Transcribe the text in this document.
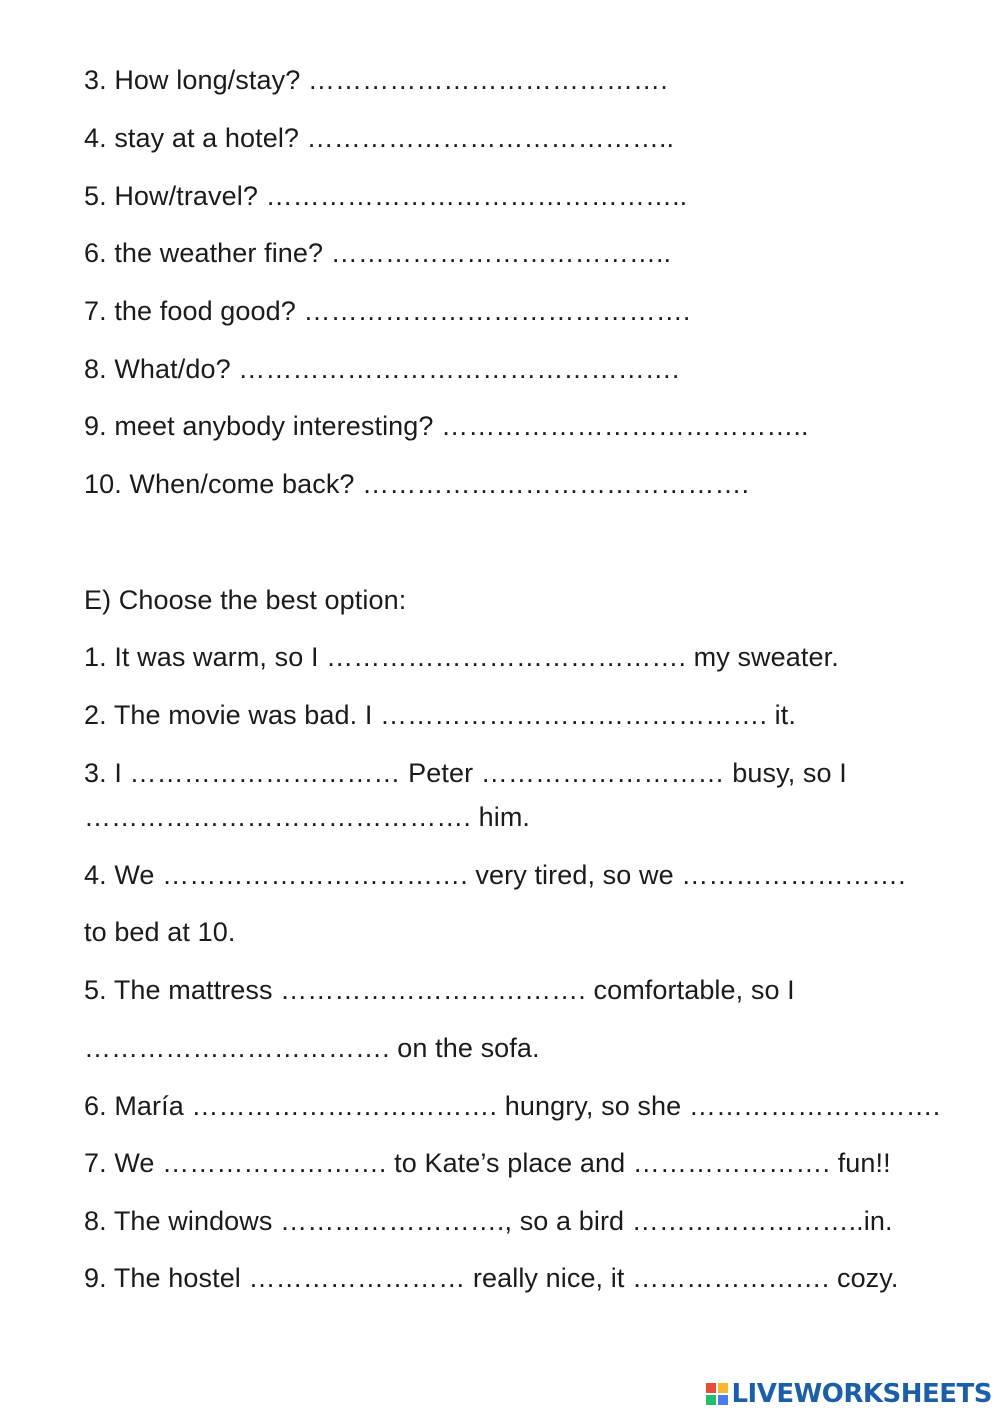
3. How long/stay? ………………………………….
4. stay at a hotel? …………………………………..
5. How/travel? ………………………………………..
6. the weather fine? ………………………………..
7. the food good? …………………………………….
8. What/do? ………………………………………….
9. meet anybody interesting? …………………………………..
10. When/come back? …………………………………….
E) Choose the best option:
1. It was warm, so I …………………………………. my sweater.
2. The movie was bad. I ……………………………………. it.
3. I ………………………… Peter ……………………… busy, so I
……………………………………. him.
4. We ……………………………. very tired, so we …………………….
to bed at 10.
5. The mattress ……………………………. comfortable, so I
……………………………. on the sofa.
6. María ……………………………. hungry, so she ……………………….
7. We ……………………. to Kate’s place and …………………. fun!!
8. The windows ……………………., so a bird ……………………..in.
9. The hostel …………………… really nice, it …………………. cozy.
LIVEWORKSHEETS
